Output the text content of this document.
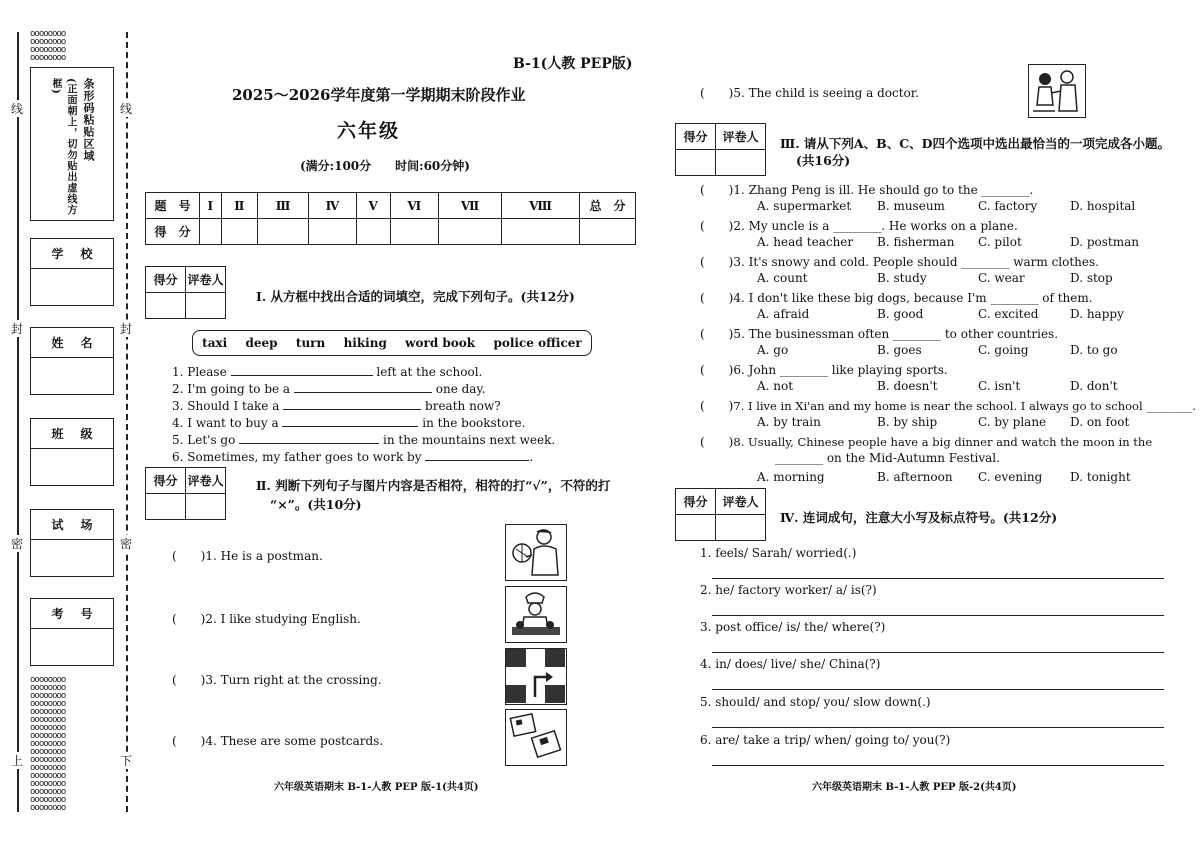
线
封
密
上
线
封
密
下
oooooooo
oooooooo
oooooooo
oooooooo
条形码粘贴区域
(正面朝上，切勿贴出虚线方框)
学 校
姓 名
班 级
试 场
考 号
oooooooo
oooooooo
oooooooo
oooooooo
oooooooo
oooooooo
oooooooo
oooooooo
oooooooo
oooooooo
oooooooo
oooooooo
oooooooo
oooooooo
oooooooo
oooooooo
oooooooo
B-1(人教 PEP版)
2025～2026学年度第一学期期末阶段作业
六年级
(满分:100分　　时间:60分钟)
题　号	Ⅰ	Ⅱ	Ⅲ	Ⅳ	Ⅴ	Ⅵ	Ⅶ	Ⅷ	总　分
得　分									
得分	评卷人

Ⅰ. 从方框中找出合适的词填空，完成下列句子。(共12分)
taxi deep turn hiking word book police officer
1. Please	left at the school.
2. I'm going to be a	one day.
3. Should I take a	breath now?
4. I want to buy a	in the bookstore.
5. Let's go	in the mountains next week.
6. Sometimes, my father goes to work by	.
得分	评卷人
		Ⅱ. 判断下列句子与图片内容是否相符，相符的打“√”，不符的打
“×”。(共10分)
(　　)1. He is a postman.
(　　)2. I like studying English.
(　　)3. Turn right at the crossing.
(　　)4. These are some postcards.
六年级英语期末 B-1-人教 PEP 版-1(共4页)
(　　)5. The child is seeing a doctor.
得分	评卷人
	Ⅲ. 请从下列A、B、C、D四个选项中选出最恰当的一项完成各小题。
(共16分)
(　　)1. Zhang Peng is ill. He should go to the ________.
A. supermarket B. museum	C. factory	D. hospital
(　　)2. My uncle is a ________. He works on a plane.
A. head teacher B. fisherman C. pilot	D. postman
(　　)3. It's snowy and cold. People should ________ warm clothes.
A. count	B. study	C. wear	D. stop
(　　)4. I don't like these big dogs, because I'm ________ of them.
A. afraid	B. good	C. excited	D. happy
(　　)5. The businessman often ________ to other countries.
A. go	B. goes	C. going	D. to go
(　　)6. John ________ like playing sports.
A. not	B. doesn't	C. isn't	D. don't
(　　)7. I live in Xi'an and my home is near the school. I always go to school ________.
A. by train	B. by ship	C. by plane D. on foot
(　　)8. Usually, Chinese people have a big dinner and watch the moon in the
________ on the Mid-Autumn Festival.
A. morning	B. afternoon C. evening D. tonight
得分	评卷人

Ⅳ. 连词成句，注意大小写及标点符号。(共12分)
1. feels/ Sarah/ worried(.)
2. he/ factory worker/ a/ is(?)
3. post office/ is/ the/ where(?)
4. in/ does/ live/ she/ China(?)
5. should/ and stop/ you/ slow down(.)
6. are/ take a trip/ when/ going to/ you(?)
六年级英语期末 B-1-人教 PEP 版-2(共4页)
